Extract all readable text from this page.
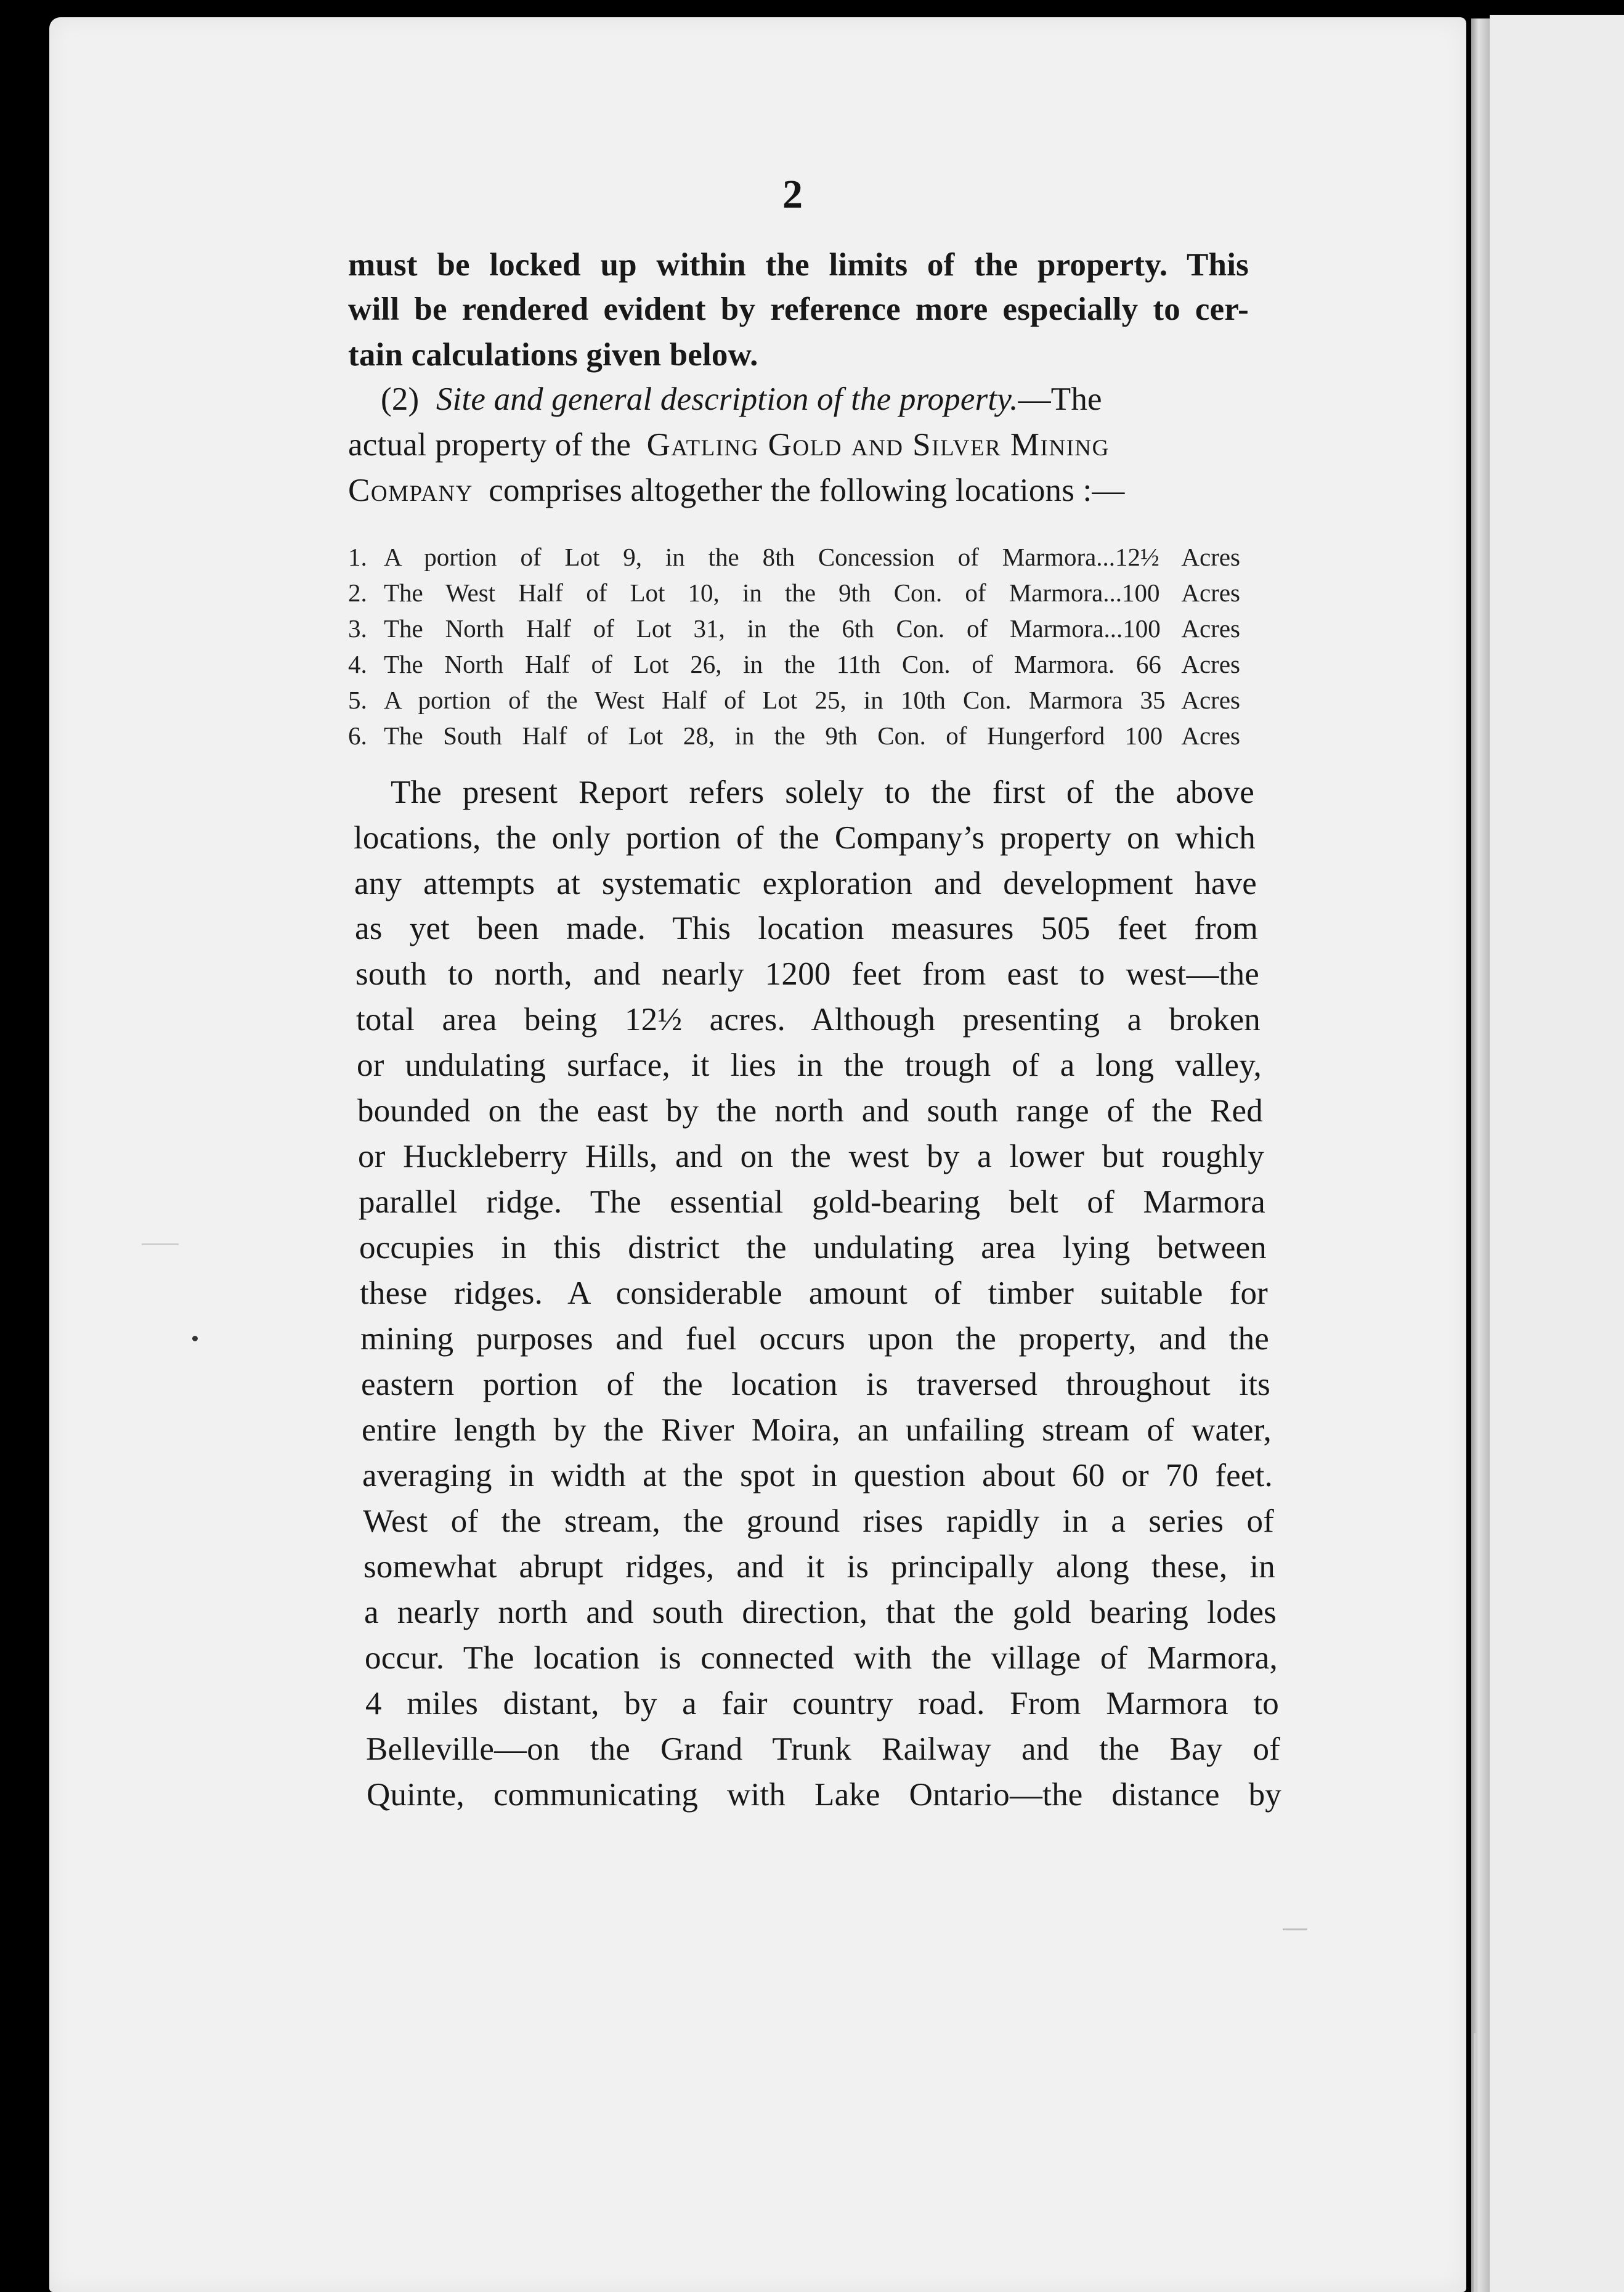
2
must be locked up within the limits of the property. This
will be rendered evident by reference more especially to cer-
tain calculations given below.
(2) Site and general description of the property.—The
actual property of the Gatling Gold and Silver Mining
Company comprises altogether the following locations :—
1. A portion of Lot 9, in the 8th Concession of Marmora...12½ Acres
2. The West Half of Lot 10, in the 9th Con. of Marmora...100 Acres
3. The North Half of Lot 31, in the 6th Con. of Marmora...100 Acres
4. The North Half of Lot 26, in the 11th Con. of Marmora. 66 Acres
5. A portion of the West Half of Lot 25, in 10th Con. Marmora 35 Acres
6. The South Half of Lot 28, in the 9th Con. of Hungerford 100 Acres
The present Report refers solely to the first of the above
locations, the only portion of the Company’s property on which
any attempts at systematic exploration and development have
as yet been made. This location measures 505 feet from
south to north, and nearly 1200 feet from east to west—the
total area being 12½ acres. Although presenting a broken
or undulating surface, it lies in the trough of a long valley,
bounded on the east by the north and south range of the Red
or Huckleberry Hills, and on the west by a lower but roughly
parallel ridge. The essential gold-bearing belt of Marmora
occupies in this district the undulating area lying between
these ridges. A considerable amount of timber suitable for
mining purposes and fuel occurs upon the property, and the
eastern portion of the location is traversed throughout its
entire length by the River Moira, an unfailing stream of water,
averaging in width at the spot in question about 60 or 70 feet.
West of the stream, the ground rises rapidly in a series of
somewhat abrupt ridges, and it is principally along these, in
a nearly north and south direction, that the gold bearing lodes
occur. The location is connected with the village of Marmora,
4 miles distant, by a fair country road. From Marmora to
Belleville—on the Grand Trunk Railway and the Bay of
Quinte, communicating with Lake Ontario—the distance by
